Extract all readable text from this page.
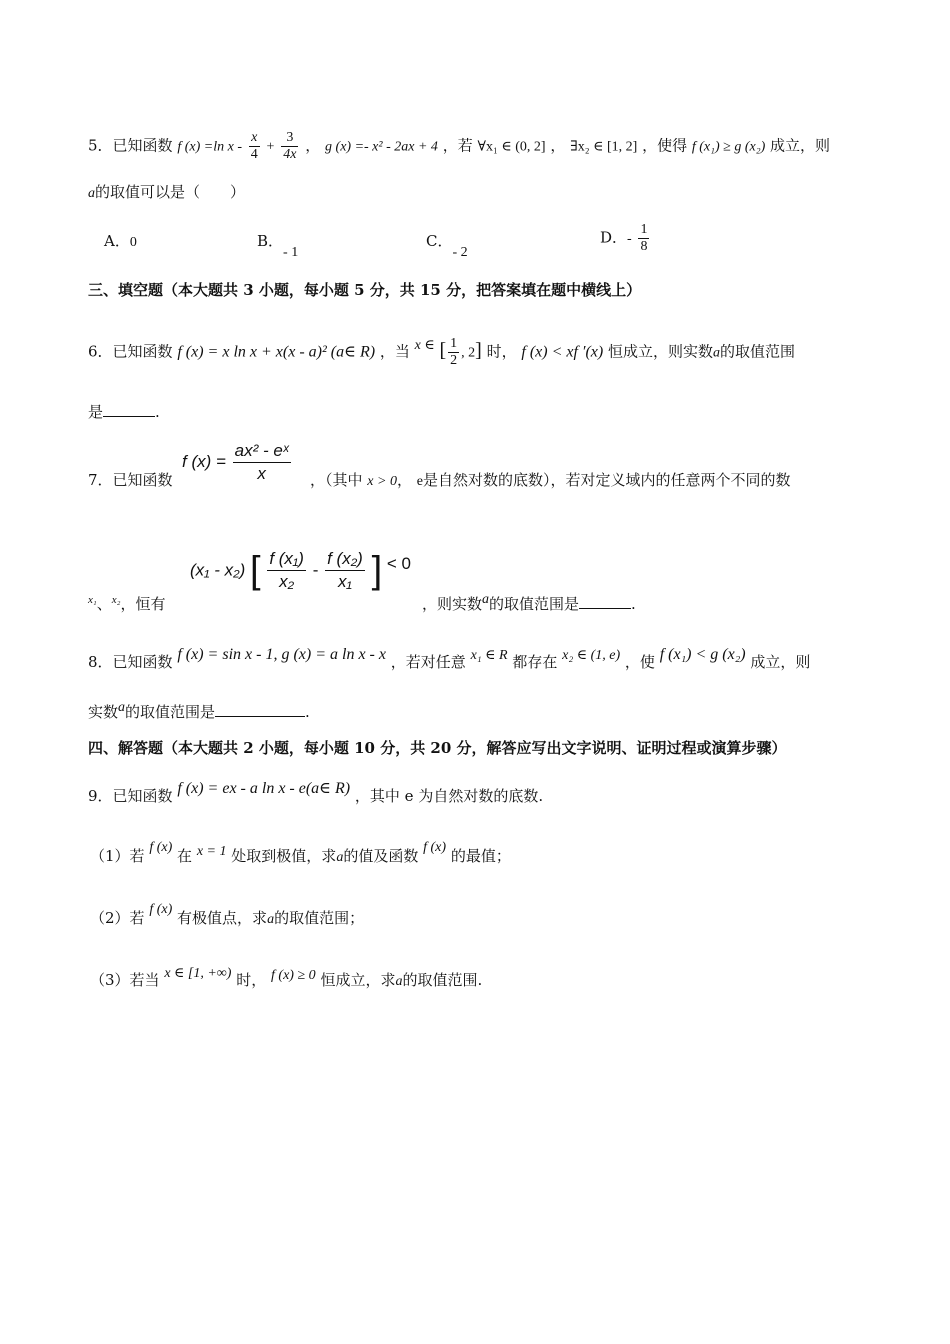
5．已知函数 f (x) =ln $x - \frac{x}{4} + \frac{3}{4x}$ ， g (x) =- x² - 2ax + 4 ，若 ∀x₁ ∈ (0, 2] ， ∃x₂ ∈ [1, 2] ，使得 f (x₁) ≥ g (x₂) 成立，则
a的取值可以是（　　）
A．0	B．- 1
C．- 2
D．- $\frac{1}{8}$
三、填空题（本大题共 3 小题，每小题 5 分，共 15 分，把答案填在题中横线上）
6．已知函数 f (x) = x ln x + x(x - a)² (a∈ R) ，当 x ∈ [ $\frac{1}{2}$ , 2] 时， f (x) < xf ′(x) 恒成立，则实数a的取值范围
是	.
7．已知函数
f $(x) = \frac{\text{ax² - eˣ}}{x}$ ，（其中 x > 0， e是自然对数的底数），若对定义域内的任意两个不同的数
$^{x_1}$、$^{x_2}$，恒有
(x₁ - x₂) [ $\frac{\text{f (x₁)}}{\text{x₂}} - \frac{\text{f (x₂)}}{\text{x₁}}$ ] < 0
，则实数a的取值范围是	.
8．已知函数 f (x) = sin x - 1, g (x) = a ln x - x ，若对任意 x₁ ∈ R 都存在 x₂ ∈ (1, e) ，使 f (x₁) < g (x₂) 成立，则
实数a的取值范围是	.
四、解答题（本大题共 2 小题，每小题 10 分，共 20 分，解答应写出文字说明、证明过程或演算步骤）
9．已知函数 f (x) = ex - a ln x - e(a∈ R) ，其中 e 为自然对数的底数.
（1）若 f (x) 在 x = 1 处取到极值，求a的值及函数 f (x) 的最值；
（2）若 f (x) 有极值点，求a的取值范围；
（3）若当 x ∈ [1, +∞) 时， f (x) ≥ 0 恒成立，求a的取值范围.
